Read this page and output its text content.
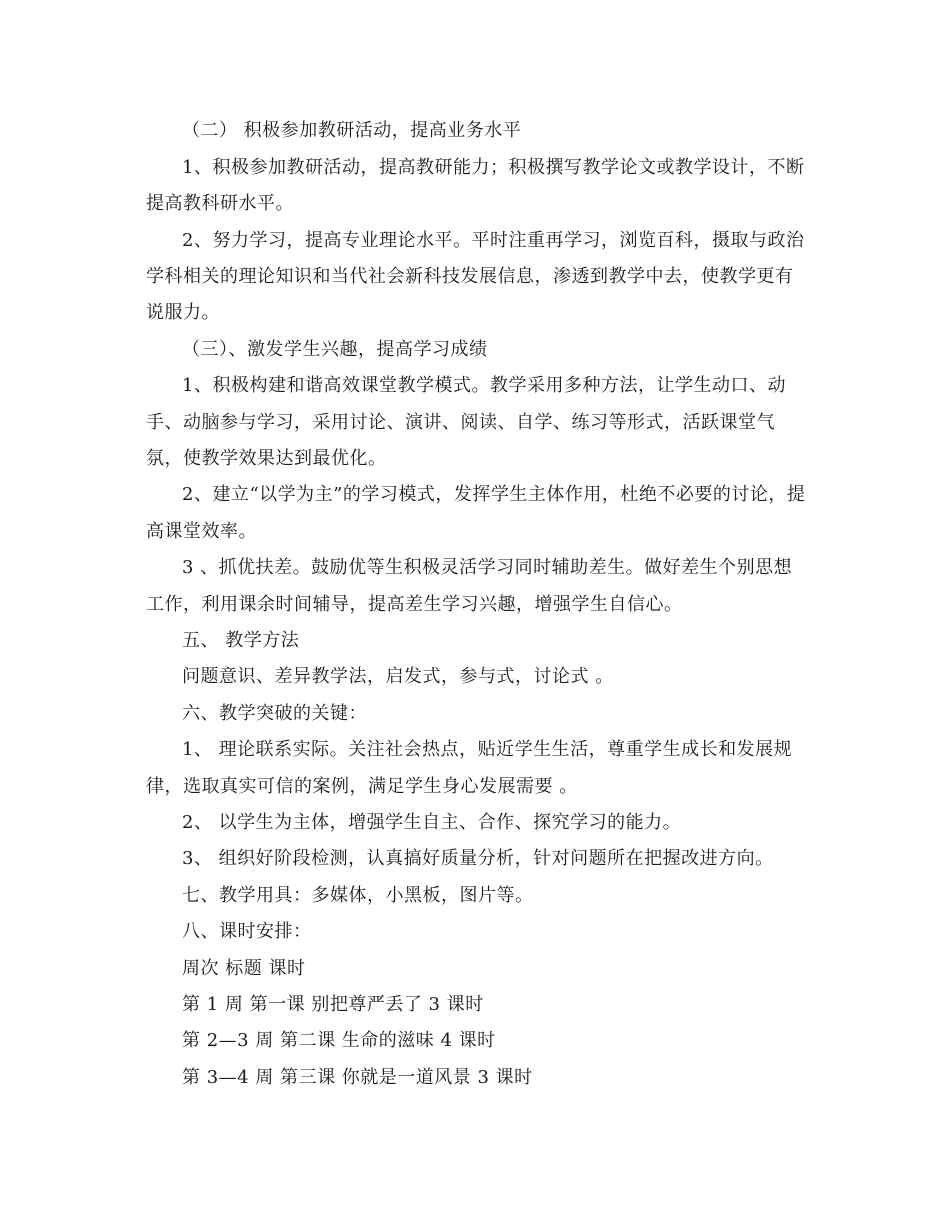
（二） 积极参加教研活动，提高业务水平
1、积极参加教研活动，提高教研能力；积极撰写教学论文或教学设计，不断
提高教科研水平。
2、努力学习，提高专业理论水平。平时注重再学习，浏览百科，摄取与政治
学科相关的理论知识和当代社会新科技发展信息，渗透到教学中去，使教学更有
说服力。
（三）、激发学生兴趣，提高学习成绩
1、积极构建和谐高效课堂教学模式。教学采用多种方法，让学生动口、动
手、动脑参与学习，采用讨论、演讲、阅读、自学、练习等形式，活跃课堂气
氛，使教学效果达到最优化。
2、建立“以学为主”的学习模式，发挥学生主体作用，杜绝不必要的讨论，提
高课堂效率。
3 、抓优扶差。鼓励优等生积极灵活学习同时辅助差生。做好差生个别思想
工作，利用课余时间辅导，提高差生学习兴趣，增强学生自信心。
五、 教学方法
问题意识、差异教学法，启发式，参与式，讨论式 。
六、教学突破的关键：
1、 理论联系实际。关注社会热点，贴近学生生活，尊重学生成长和发展规
律，选取真实可信的案例，满足学生身心发展需要 。
2、 以学生为主体，增强学生自主、合作、探究学习的能力。
3、 组织好阶段检测，认真搞好质量分析，针对问题所在把握改进方向。
七、教学用具：多媒体，小黑板，图片等。
八、课时安排：
周次 标题 课时
第 1 周 第一课 别把尊严丢了 3 课时
第 2—3 周 第二课 生命的滋味 4 课时
第 3—4 周 第三课 你就是一道风景 3 课时
